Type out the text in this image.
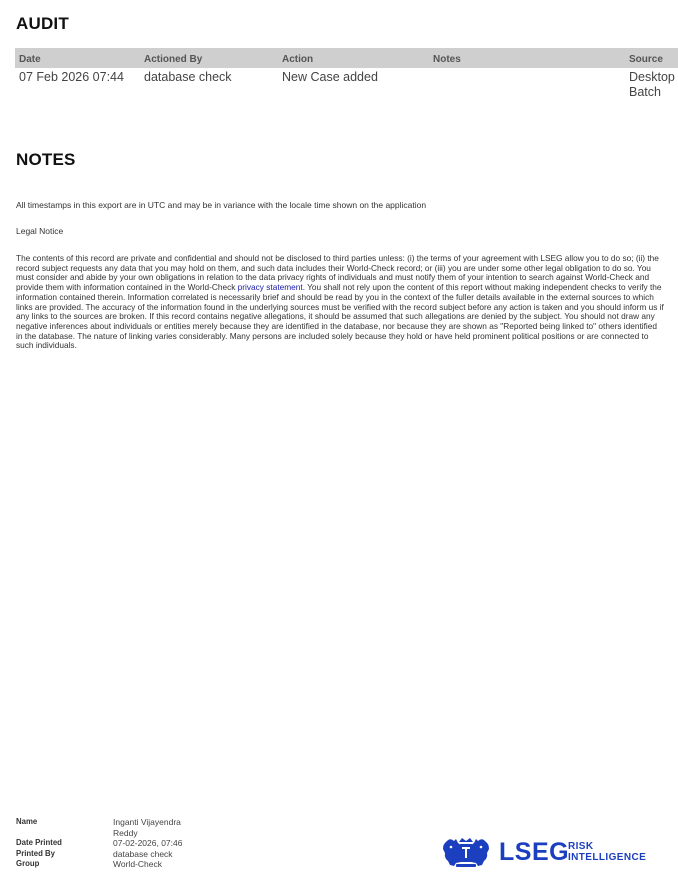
AUDIT
Date	Actioned By	Action	Notes	Source
07 Feb 2026 07:44	database check	New Case added		Desktop
Batch
NOTES
All timestamps in this export are in UTC and may be in variance with the locale time shown on the application
Legal Notice

The contents of this record are private and confidential and should not be disclosed to third parties unless: (i) the terms of your agreement with LSEG allow you to do so; (ii) the record subject requests any data that you may hold on them, and such data includes their World-Check record; or (iii) you are under some other legal obligation to do so. You must consider and abide by your own obligations in relation to the data privacy rights of individuals and must notify them of your intention to search against World-Check and provide them with information contained in the World-Check privacy statement. You shall not rely upon the content of this report without making independent checks to verify the information contained therein. Information correlated is necessarily brief and should be read by you in the context of the fuller details available in the external sources to which links are provided. The accuracy of the information found in the underlying sources must be verified with the record subject before any action is taken and you should inform us if any links to the sources are broken. If this record contains negative allegations, it should be assumed that such allegations are denied by the subject. You should not draw any negative inferences about individuals or entities merely because they are identified in the database, nor because they are shown as "Reported being linked to" others identified in the database. The nature of linking varies considerably. Many persons are included solely because they hold or have held prominent political positions or are connected to such individuals.

Name	Inganti Vijayendra Reddy
Date Printed	07-02-2026, 07:46
Printed By	database check
Group	World-Check	LSEG
RISK
INTELLIGENCE
